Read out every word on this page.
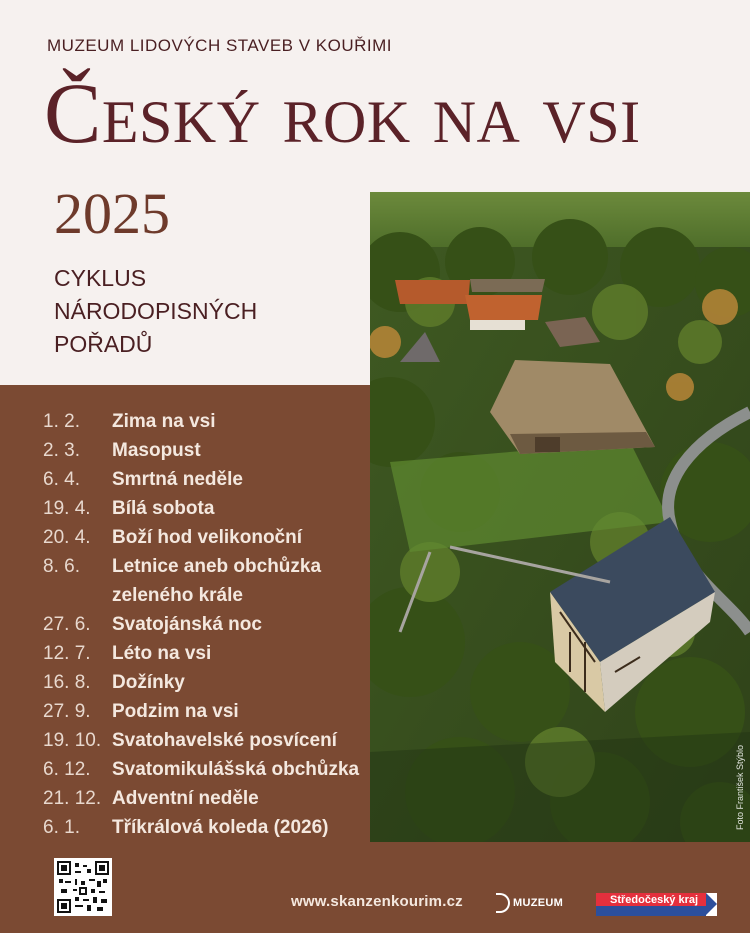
MUZEUM LIDOVÝCH STAVEB V KOUŘIMI
Český rok na vsi
2025
CYKLUS
NÁRODOPISNÝCH
POŘADŮ
Foto František Stýblo
1. 2.	Zima na vsi
2. 3.	Masopust
6. 4.	Smrtná neděle
19. 4.	Bílá sobota
20. 4.	Boží hod velikonoční
8. 6.	Letnice aneb obchůzka
zeleného krále
27. 6.	Svatojánská noc
12. 7.	Léto na vsi
16. 8.	Dožínky
27. 9.	Podzim na vsi
19. 10. Svatohavelské posvícení
6. 12.	Svatomikulášská obchůzka
21. 12. Adventní neděle
6. 1.	Tříkrálová koleda (2026)
www.skanzenkourim.cz	MUZEUM	Středočeský kraj
